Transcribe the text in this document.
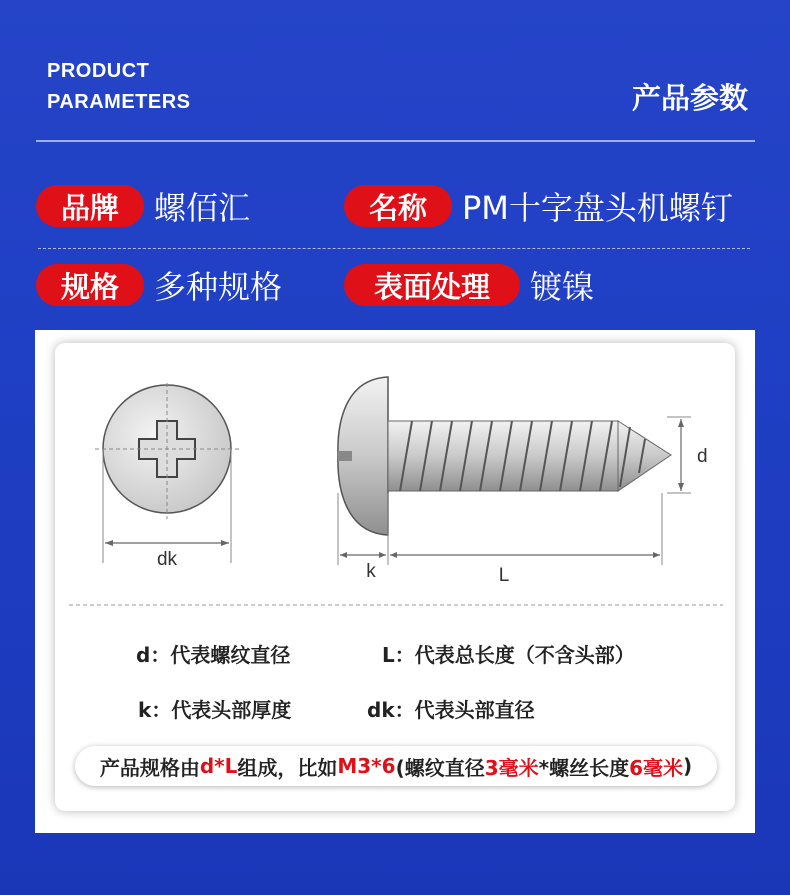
PRODUCT
PARAMETERS	产品参数
品牌	螺佰汇	名称	PM十字盘头机螺钉
规格	多种规格	表面处理	镀镍
dk
d
k	L
d：代表螺纹直径	L：代表总长度（不含头部）
k：代表头部厚度	dk：代表头部直径
产品规格由 d*L 组成，比如 M3*6 (螺纹直径 3毫米 *螺丝长度 6毫米 )
